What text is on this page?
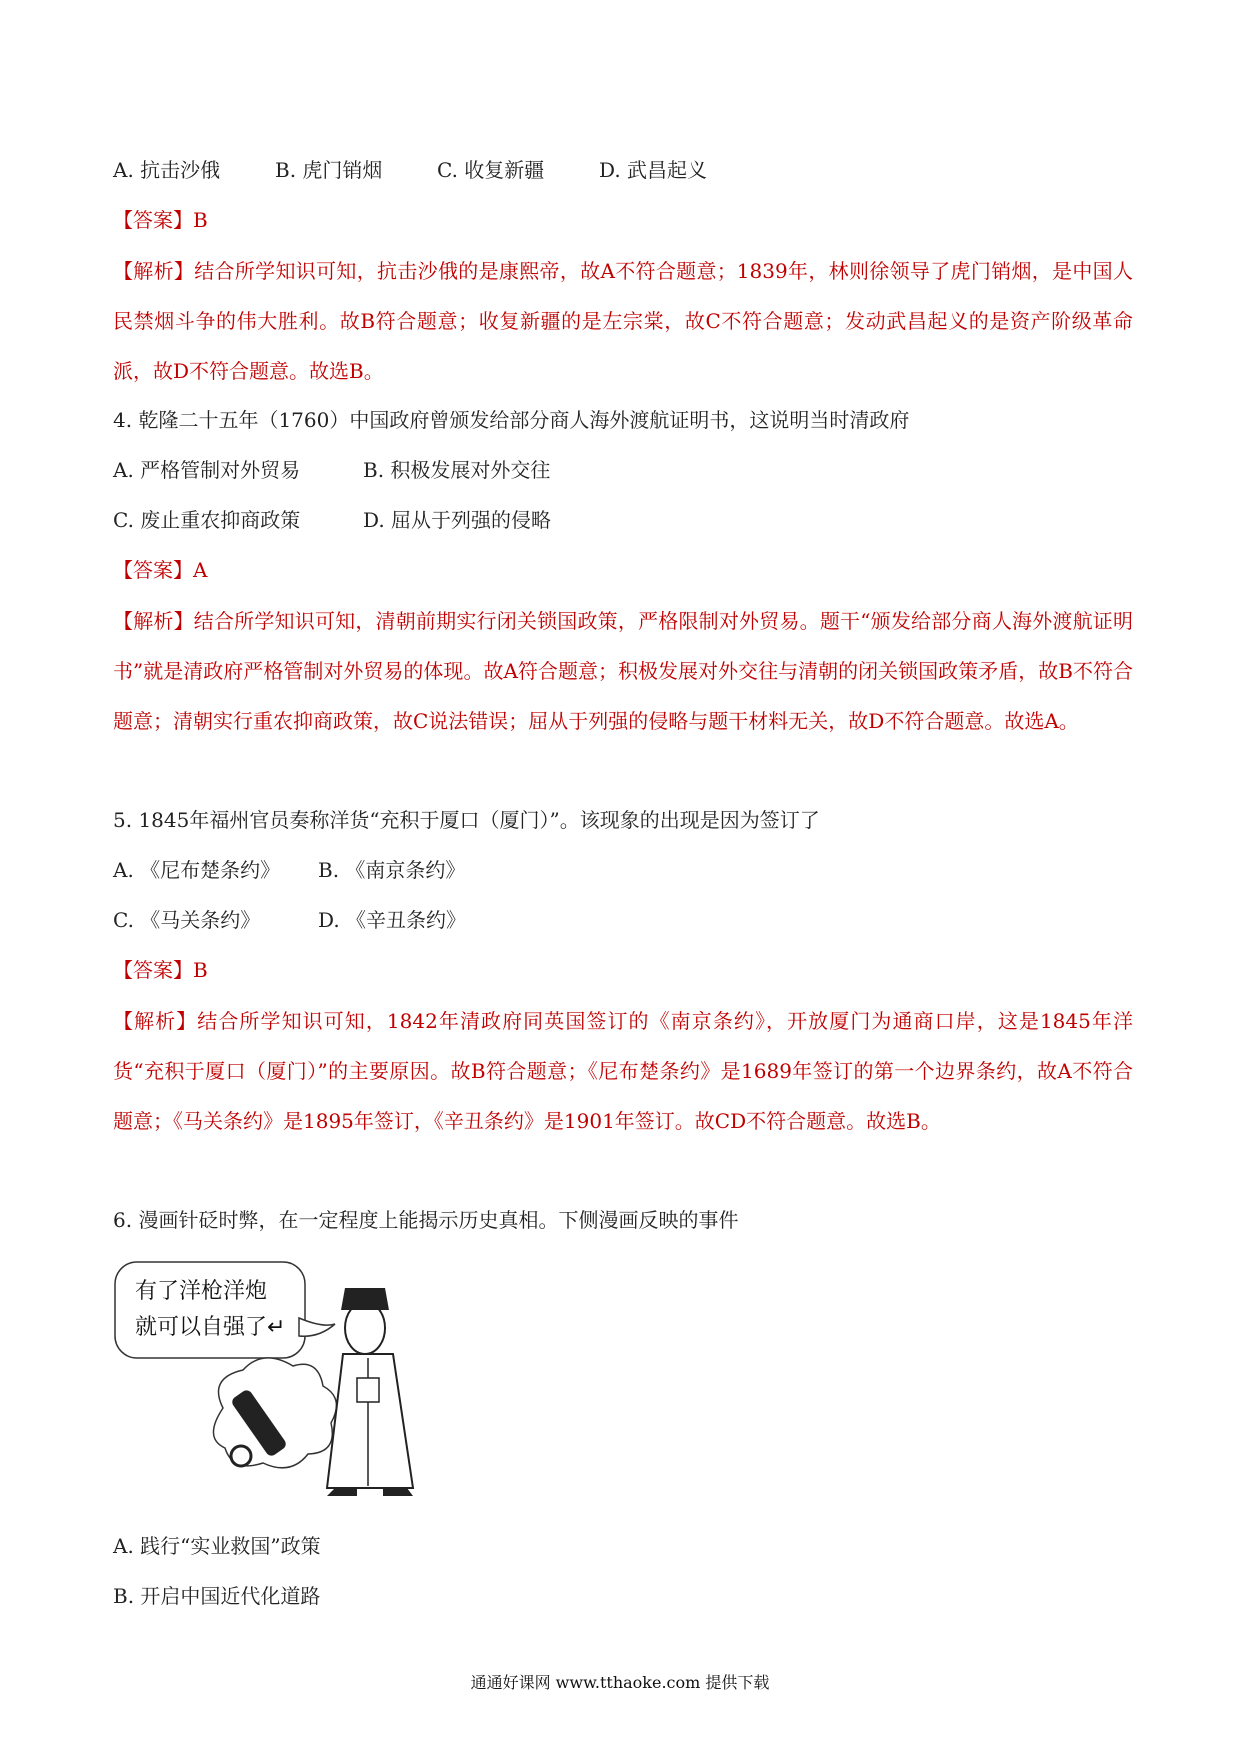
A. 抗击沙俄	B. 虎门销烟	C. 收复新疆	D. 武昌起义
【答案】B
【解析】结合所学知识可知，抗击沙俄的是康熙帝，故A不符合题意；1839年，林则徐领导了虎门销烟，是中国人民禁烟斗争的伟大胜利。故B符合题意；收复新疆的是左宗棠，故C不符合题意；发动武昌起义的是资产阶级革命派，故D不符合题意。故选B。
4. 乾隆二十五年（1760）中国政府曾颁发给部分商人海外渡航证明书，这说明当时清政府
A. 严格管制对外贸易	B. 积极发展对外交往
C. 废止重农抑商政策	D. 屈从于列强的侵略
【答案】A
【解析】结合所学知识可知，清朝前期实行闭关锁国政策，严格限制对外贸易。题干“颁发给部分商人海外渡航证明书”就是清政府严格管制对外贸易的体现。故A符合题意；积极发展对外交往与清朝的闭关锁国政策矛盾，故B不符合题意；清朝实行重农抑商政策，故C说法错误；屈从于列强的侵略与题干材料无关，故D不符合题意。故选A。
5. 1845年福州官员奏称洋货“充积于厦口（厦门）”。该现象的出现是因为签订了
A. 《尼布楚条约》 B. 《南京条约》
C. 《马关条约》	D. 《辛丑条约》
【答案】B
【解析】结合所学知识可知，1842年清政府同英国签订的《南京条约》，开放厦门为通商口岸，这是1845年洋货“充积于厦口（厦门）”的主要原因。故B符合题意；《尼布楚条约》是1689年签订的第一个边界条约，故A不符合题意；《马关条约》是1895年签订，《辛丑条约》是1901年签订。故CD不符合题意。故选B。
6. 漫画针砭时弊，在一定程度上能揭示历史真相。下侧漫画反映的事件
有了洋枪洋炮
就可以自强了↵
A. 践行“实业救国”政策
B. 开启中国近代化道路
通通好课网 www.tthaoke.com 提供下载
